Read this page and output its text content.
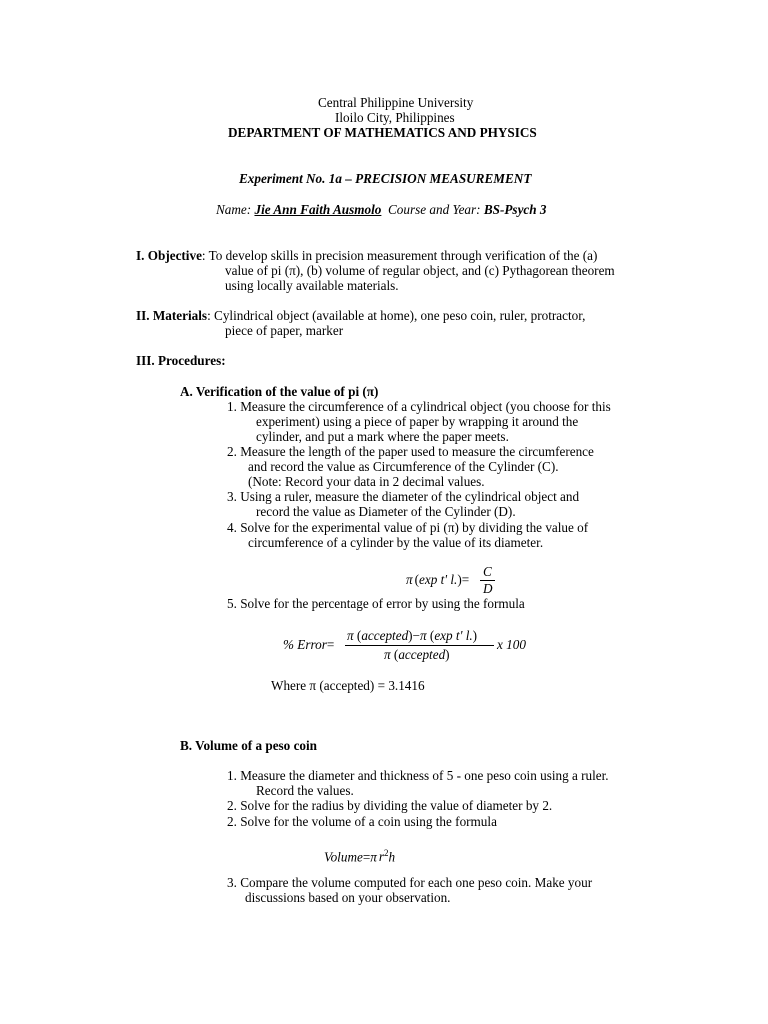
Central Philippine University
Iloilo City, Philippines
DEPARTMENT OF MATHEMATICS AND PHYSICS
Experiment No. 1a – PRECISION MEASUREMENT
Name: Jie Ann Faith Ausmolo  Course and Year: BS-Psych 3
I. Objective: To develop skills in precision measurement through verification of the (a)
value of pi (π), (b) volume of regular object, and (c) Pythagorean theorem
using locally available materials.
II. Materials: Cylindrical object (available at home), one peso coin, ruler, protractor,
piece of paper, marker
III. Procedures:
A. Verification of the value of pi (π)
1. Measure the circumference of a cylindrical object (you choose for this
experiment) using a piece of paper by wrapping it around the
cylinder, and put a mark where the paper meets.
2. Measure the length of the paper used to measure the circumference
and record the value as Circumference of the Cylinder (C).
(Note: Record your data in 2 decimal values.
3. Using a ruler, measure the diameter of the cylindrical object and
record the value as Diameter of the Cylinder (D).
4. Solve for the experimental value of pi (π) by dividing the value of
circumference of a cylinder by the value of its diameter.
π (exp t' l.)=
C
D
5. Solve for the percentage of error by using the formula
% Error=
π (accepted)−π (exp t' l.)
π (accepted)
x 100
Where π (accepted) = 3.1416
B. Volume of a peso coin
1. Measure the diameter and thickness of 5 - one peso coin using a ruler.
Record the values.
2. Solve for the radius by dividing the value of diameter by 2.
2. Solve for the volume of a coin using the formula
Volume=π $r^2h$
3. Compare the volume computed for each one peso coin. Make your
discussions based on your observation.
